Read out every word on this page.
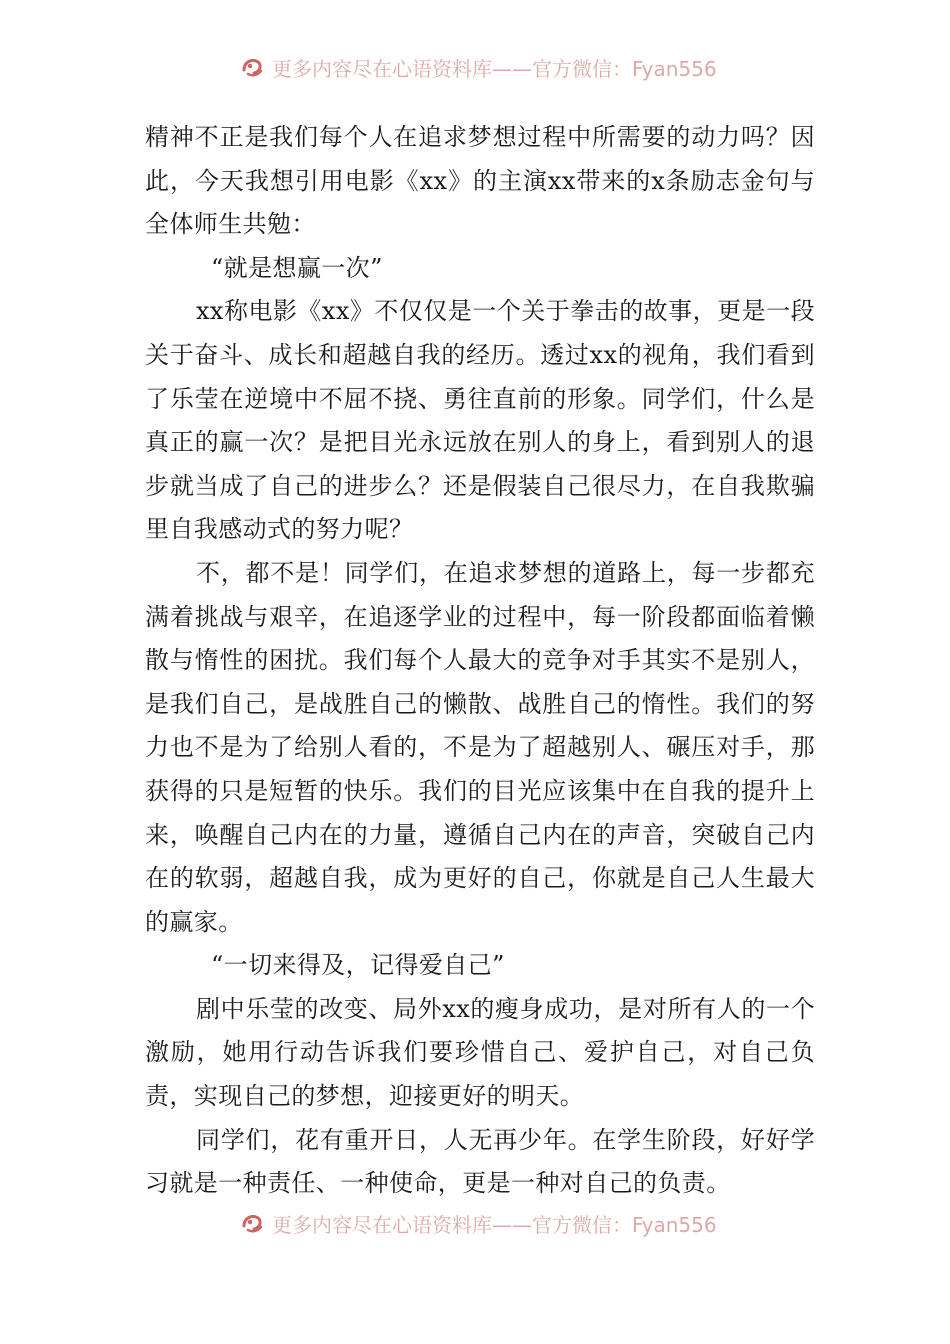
更多内容尽在心语资料库——官方微信：Fyan556

精神不正是我们每个人在追求梦想过程中所需要的动力吗？因此，今天我想引用电影《xx》的主演xx带来的x条励志金句与全体师生共勉：

“就是想赢一次”

xx称电影《xx》不仅仅是一个关于拳击的故事，更是一段关于奋斗、成长和超越自我的经历。透过xx的视角，我们看到了乐莹在逆境中不屈不挠、勇往直前的形象。同学们，什么是真正的赢一次？是把目光永远放在别人的身上，看到别人的退步就当成了自己的进步么？还是假装自己很尽力，在自我欺骗里自我感动式的努力呢？

不，都不是！同学们，在追求梦想的道路上，每一步都充满着挑战与艰辛，在追逐学业的过程中，每一阶段都面临着懒散与惰性的困扰。我们每个人最大的竞争对手其实不是别人，是我们自己，是战胜自己的懒散、战胜自己的惰性。我们的努力也不是为了给别人看的，不是为了超越别人、碾压对手，那获得的只是短暂的快乐。我们的目光应该集中在自我的提升上来，唤醒自己内在的力量，遵循自己内在的声音，突破自己内在的软弱，超越自我，成为更好的自己，你就是自己人生最大的赢家。

“一切来得及，记得爱自己”

剧中乐莹的改变、局外xx的瘦身成功，是对所有人的一个激励，她用行动告诉我们要珍惜自己、爱护自己，对自己负责，实现自己的梦想，迎接更好的明天。

同学们，花有重开日，人无再少年。在学生阶段，好好学习就是一种责任、一种使命，更是一种对自己的负责。

更多内容尽在心语资料库——官方微信：Fyan556
